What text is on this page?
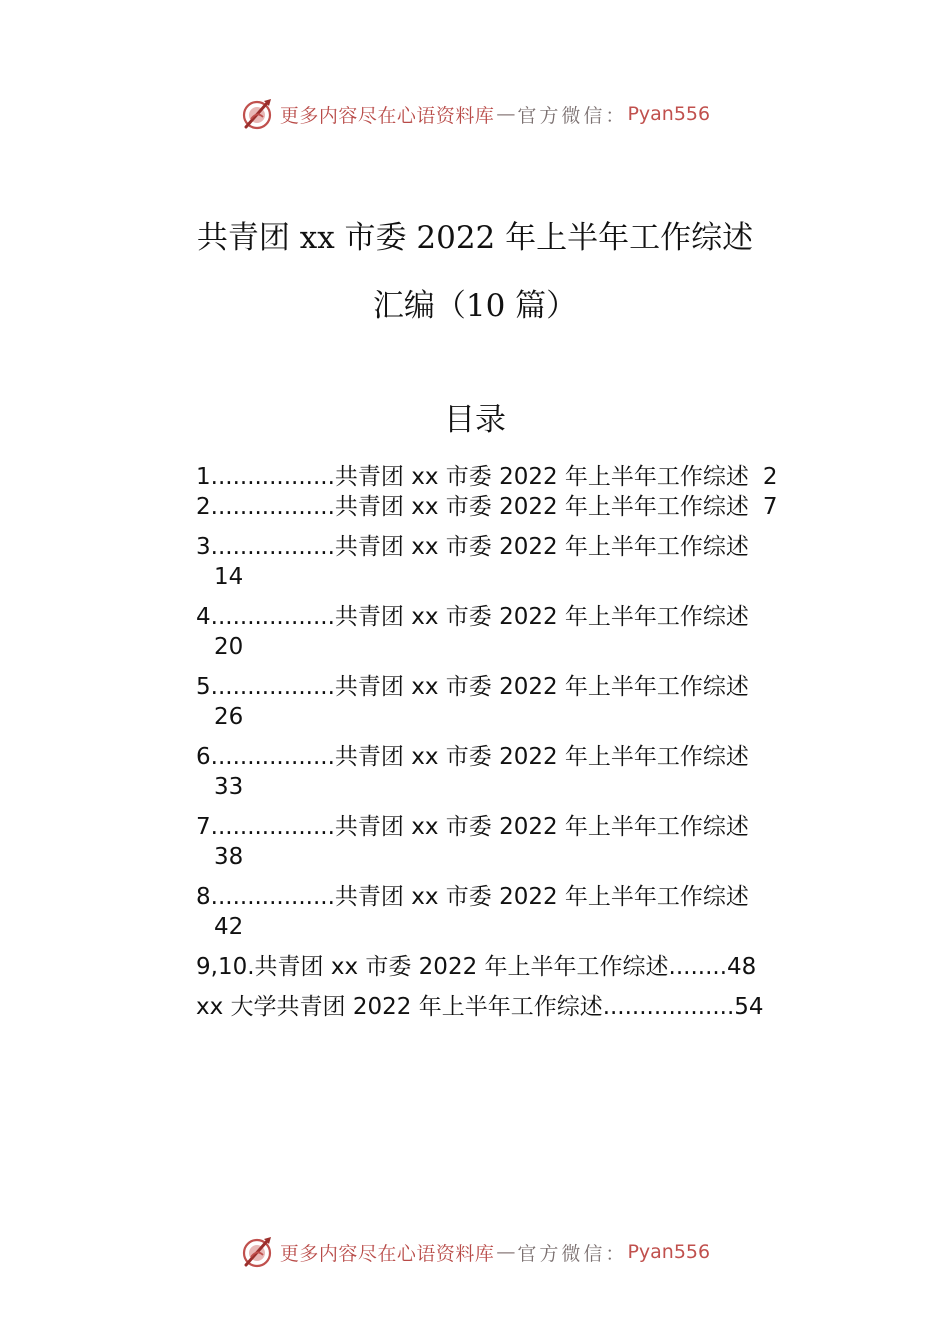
更多内容尽在心语资料库 — 官方微信： Pyan556
共青团 xx 市委 2022 年上半年工作综述
汇编（10 篇）
目录
1.................共青团 xx 市委 2022 年上半年工作综述 2
2.................共青团 xx 市委 2022 年上半年工作综述 7
3.................共青团 xx 市委 2022 年上半年工作综述
14
4.................共青团 xx 市委 2022 年上半年工作综述
20
5.................共青团 xx 市委 2022 年上半年工作综述
26
6.................共青团 xx 市委 2022 年上半年工作综述
33
7.................共青团 xx 市委 2022 年上半年工作综述
38
8.................共青团 xx 市委 2022 年上半年工作综述
42
9,10.共青团 xx 市委 2022 年上半年工作综述........48
xx 大学共青团 2022 年上半年工作综述..................54
更多内容尽在心语资料库 — 官方微信： Pyan556
